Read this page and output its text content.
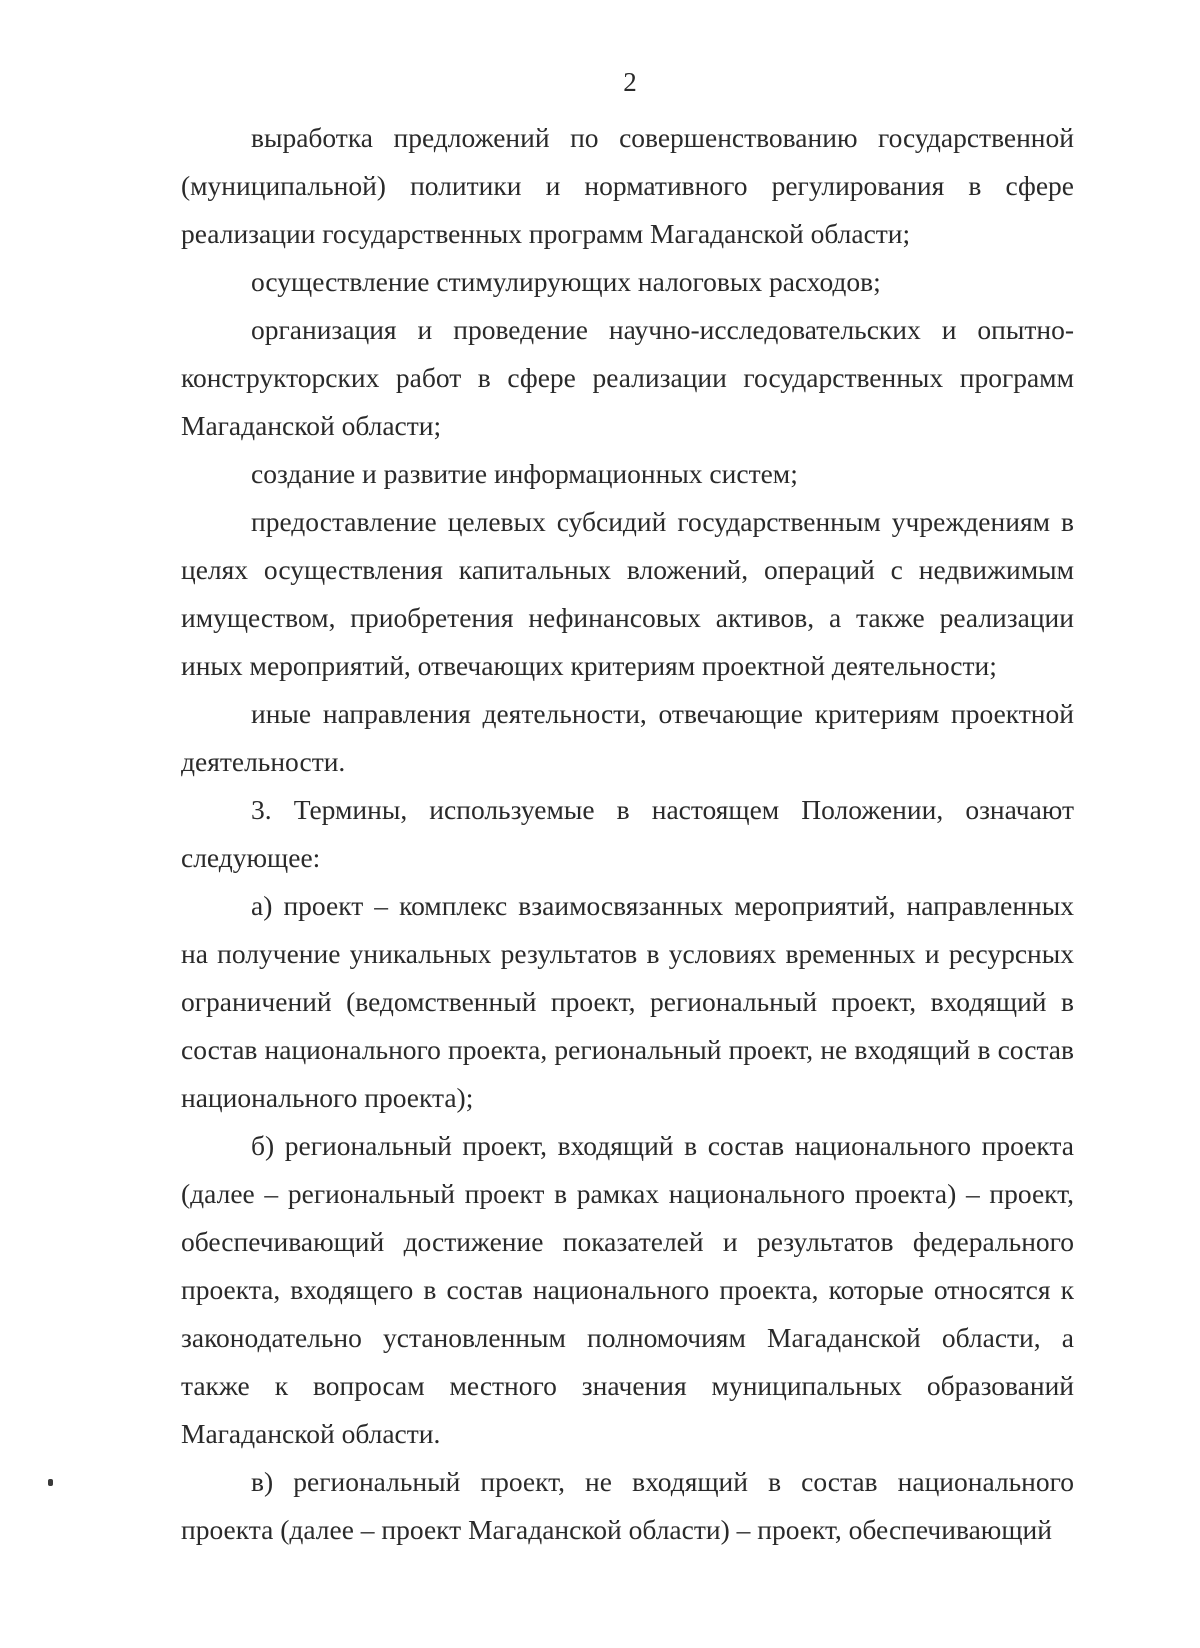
2

выработка предложений по совершенствованию государственной (муниципальной) политики и нормативного регулирования в сфере реализации государственных программ Магаданской области;

осуществление стимулирующих налоговых расходов;

организация и проведение научно-исследовательских и опытно-конструкторских работ в сфере реализации государственных программ Магаданской области;

создание и развитие информационных систем;

предоставление целевых субсидий государственным учреждениям в целях осуществления капитальных вложений, операций с недвижимым имуществом, приобретения нефинансовых активов, а также реализации иных мероприятий, отвечающих критериям проектной деятельности;

иные направления деятельности, отвечающие критериям проектной деятельности.

3. Термины, используемые в настоящем Положении, означают следующее:

а) проект – комплекс взаимосвязанных мероприятий, направленных на получение уникальных результатов в условиях временных и ресурсных ограничений (ведомственный проект, региональный проект, входящий в состав национального проекта, региональный проект, не входящий в состав национального проекта);

б) региональный проект, входящий в состав национального проекта (далее – региональный проект в рамках национального проекта) – проект, обеспечивающий достижение показателей и результатов федерального проекта, входящего в состав национального проекта, которые относятся к законодательно установленным полномочиям Магаданской области, а также к вопросам местного значения муниципальных образований Магаданской области.

в) региональный проект, не входящий в состав национального проекта (далее – проект Магаданской области) – проект, обеспечивающий
